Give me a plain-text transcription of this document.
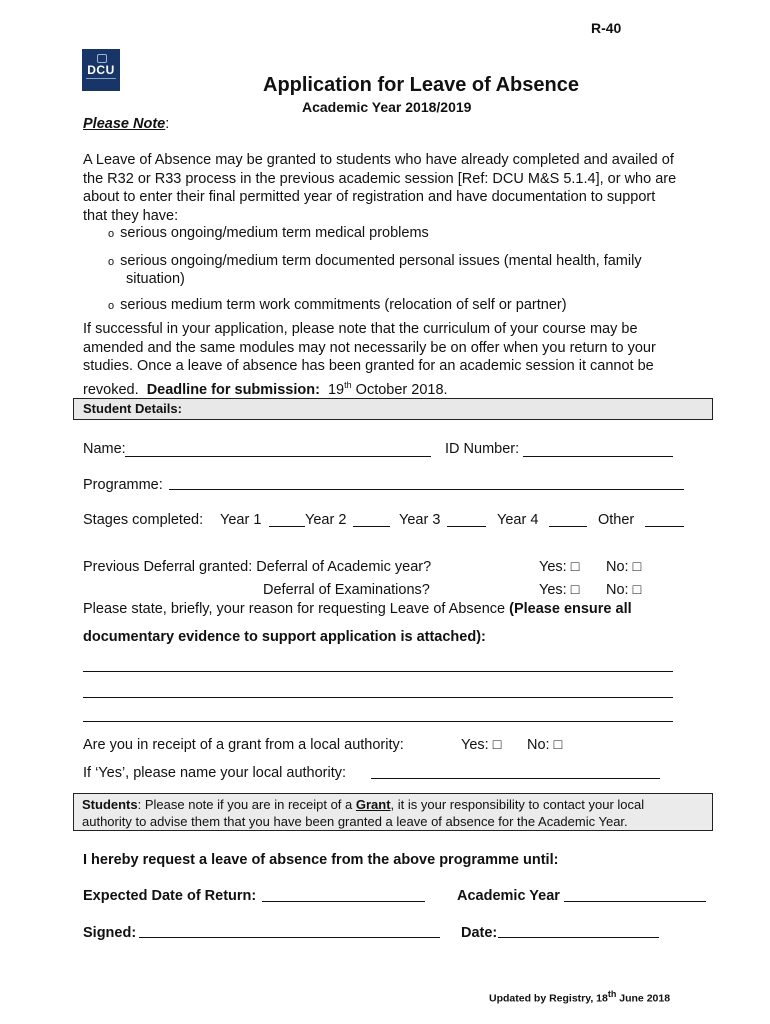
R-40
DCU
Application for Leave of Absence
Academic Year 2018/2019
Please Note:
A Leave of Absence may be granted to students who have already completed and availed of
the R32 or R33 process in the previous academic session [Ref: DCU M&S 5.1.4], or who are
about to enter their final permitted year of registration and have documentation to support
that they have:
o serious ongoing/medium term medical problems
o serious ongoing/medium term documented personal issues (mental health, family
situation)
o serious medium term work commitments (relocation of self or partner)
If successful in your application, please note that the curriculum of your course may be
amended and the same modules may not necessarily be on offer when you return to your
studies. Once a leave of absence has been granted for an academic session it cannot be
revoked. Deadline for submission: 19th October 2018.
Student Details:
Name:	ID Number:
Programme:
Stages completed: Year 1	Year 2	Year 3	Year 4	Other
Previous Deferral granted: Deferral of Academic year?	Yes: □ No: □
Deferral of Examinations?	Yes: □ No: □
Please state, briefly, your reason for requesting Leave of Absence (Please ensure all
documentary evidence to support application is attached):
Are you in receipt of a grant from a local authority:	Yes: □ No: □
If ‘Yes’, please name your local authority:
Students: Please note if you are in receipt of a Grant, it is your responsibility to contact your local
authority to advise them that you have been granted a leave of absence for the Academic Year.
I hereby request a leave of absence from the above programme until:
Expected Date of Return:	Academic Year
Signed:	Date:
Updated by Registry, 18th June 2018
